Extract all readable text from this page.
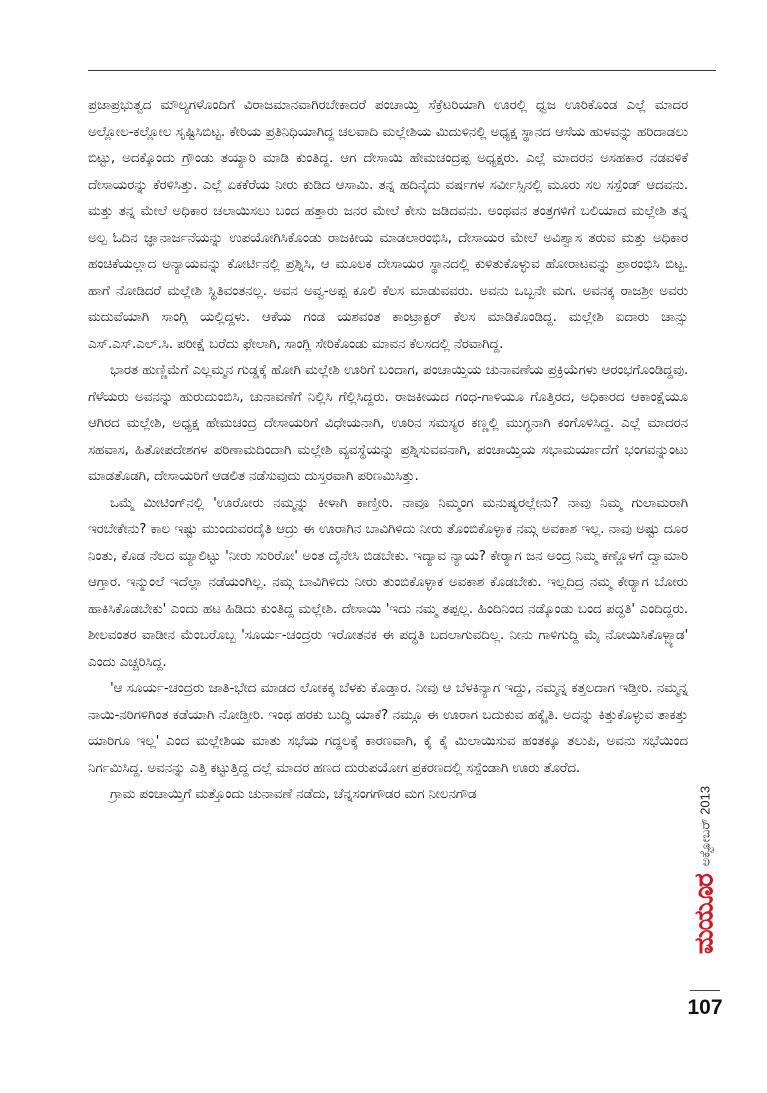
ಪ್ರಜಾಪ್ರಭುತ್ವದ ಮೌಲ್ಯಗಳೊಂದಿಗೆ ವಿರಾಜಮಾನವಾಗಿರಬೇಕಾದರೆ ಪಂಚಾಯ್ತಿ ಸೆಕ್ರೆಟರಿಯಾಗಿ ಊರಲ್ಲಿ ಧ್ವಜ ಊರಿಕೊಂಡ ಎಲ್ಲೆ ಮಾದರ ಅಲ್ಲೋಲ-ಕಲ್ಲೋಲ ಸೃಷ್ಟಿಸಿಬಿಟ್ಟ. ಕೇರಿಯ ಪ್ರತಿನಿಧಿಯಾಗಿದ್ದ ಚಲವಾದಿ ಮಲ್ಲೇಶಿಯ ಮಿದುಳಿನಲ್ಲಿ ಅಧ್ಯಕ್ಷ ಸ್ಥಾನದ ಆಸೆಯ ಹುಳವನ್ನು ಹರಿದಾಡಲು ಬಿಟ್ಟು, ಅದಕ್ಕೊಂದು ಗ್ರೌಂಡು ತಯ್ಯಾರಿ ಮಾಡಿ ಕುಂತಿದ್ದ. ಆಗ ದೇಸಾಯಿ ಹೇಮಚಂದ್ರಪ್ಪ ಅಧ್ಯಕ್ಷರು. ಎಲ್ಲೆ ಮಾದರನ ಅಸಹಕಾರ ನಡವಳಿಕೆ ದೇಸಾಯರನ್ನು ಕೆರಳಿಸಿತ್ತು. ಎಲ್ಲೆ ಏಕಕೆರೆಯ ನೀರು ಕುಡಿದ ಆಸಾಮಿ. ತನ್ನ ಹದಿನೈದು ವರ್ಷಗಳ ಸರ್ವೀಸ್ಸಿನಲ್ಲಿ ಮೂರು ಸಲ ಸಸ್ಪೆಂಡ್ ಆದವನು. ಮತ್ತು ತನ್ನ ಮೇಲೆ ಅಧಿಕಾರ ಚಲಾಯಿಸಲು ಬಂದ ಹತ್ತಾರು ಜನರ ಮೇಲೆ ಕೇಸು ಜಡಿದವನು. ಅಂಥವನ ತಂತ್ರಗಳಿಗೆ ಬಲಿಯಾದ ಮಲ್ಲೇಶಿ ತನ್ನ ಅಲ್ಪ ಓದಿನ ಜ್ಞಾನಾರ್ಜನೆಯನ್ನು ಉಪಯೋಗಿಸಿಕೊಂಡು ರಾಜಕೀಯ ಮಾಡಲಾರಂಭಿಸಿ, ದೇಸಾಯರ ಮೇಲೆ ಅವಿಶ್ವಾಸ ತರುವ ಮತ್ತು ಅಧಿಕಾರ ಹಂಚಿಕೆಯಲ್ಲಾದ ಅನ್ಯಾಯವನ್ನು ಕೋರ್ಟಿನಲ್ಲಿ ಪ್ರಶ್ನಿಸಿ, ಆ ಮೂಲಕ ದೇಸಾಯರ ಸ್ಥಾನದಲ್ಲಿ ಕುಳಿತುಕೊಳ್ಳುವ ಹೋರಾಟವನ್ನು ಪ್ರಾರಂಭಿಸಿ ಬಿಟ್ಟ. ಹಾಗೆ ನೋಡಿದರೆ ಮಲ್ಲೇಶಿ ಸ್ಥಿತಿವಂತನಲ್ಲ. ಅವನ ಅವ್ವ-ಅಪ್ಪ ಕೂಲಿ ಕೆಲಸ ಮಾಡುವವರು. ಅವನು ಒಬ್ಬನೇ ಮಗ. ಅವನಕ್ಕ ರಾಜಶ್ರೀ ಅವರು ಮದುವೆಯಾಗಿ ಸಾಂಗ್ಲಿ ಯಲ್ಲಿದ್ದಳು. ಆಕೆಯ ಗಂಡ ಯಶವಂತ ಕಾಂಟ್ರಾಕ್ಟರ್ ಕೆಲಸ ಮಾಡಿಕೊಂಡಿದ್ದ. ಮಲ್ಲೇಶಿ ಐದಾರು ಚಾನ್ಸು ಎಸ್.ಎಸ್.ಎಲ್.ಸಿ. ಪರೀಕ್ಷೆ ಬರೆದು ಫೇಲಾಗಿ, ಸಾಂಗ್ಲಿ ಸೇರಿಕೊಂಡು ಮಾವನ ಕೆಲಸದಲ್ಲಿ ನೆರವಾಗಿದ್ದ.

ಭಾರತ ಹುಣ್ಣಿಮೆಗೆ ಎಲ್ಲಮ್ಮನ ಗುಡ್ಡಕ್ಕೆ ಹೋಗಿ ಮಲ್ಲೇಶಿ ಊರಿಗೆ ಬಂದಾಗ, ಪಂಚಾಯ್ತಿಯ ಚುನಾವಣೆಯ ಪ್ರಕ್ರಿಯೆಗಳು ಆರಂಭಗೊಂಡಿದ್ದವು. ಗೆಳೆಯರು ಅವನನ್ನು ಹುರುದುಂಬಿಸಿ, ಚುನಾವಣೆಗೆ ನಿಲ್ಲಿಸಿ ಗೆಲ್ಲಿಸಿದ್ದರು. ರಾಜಕೀಯದ ಗಂಧ-ಗಾಳಿಯೂ ಗೊತ್ತಿರದ, ಅಧಿಕಾರದ ಆಕಾಂಕ್ಷೆಯೂ ಆಗಿರದ ಮಲ್ಲೇಶಿ, ಅಧ್ಯಕ್ಷ ಹೇಮಚಂದ್ರ ದೇಸಾಯರಿಗೆ ವಿಧೇಯನಾಗಿ, ಊರಿನ ಸಮಸ್ಯರ ಕಣ್ಣಲ್ಲಿ ಮುಗ್ಧನಾಗಿ ಕಂಗೊಳಿಸಿದ್ದ. ಎಲ್ಲೆ ಮಾದರನ ಸಹವಾಸ, ಹಿತೋಪದೇಶಗಳ ಪರಿಣಾಮದಿಂದಾಗಿ ಮಲ್ಲೇಶಿ ವ್ಯವಸ್ಥೆಯನ್ನು ಪ್ರಶ್ನಿಸುವವನಾಗಿ, ಪಂಚಾಯ್ತಿಯ ಸಭಾಮರ್ಯಾದೆಗೆ ಭಂಗವನ್ನುಂಟು ಮಾಡತೊಡಗಿ, ದೇಸಾಯರಿಗೆ ಆಡಲಿತ ನಡೆಸುವುದು ದುಸ್ತರವಾಗಿ ಪರಿಣಮಿಸಿತ್ತು.

ಒಮ್ಮೆ ಮೀಟಿಂಗ್‌ನಲ್ಲಿ 'ಊರೋರು ನಮ್ಮನ್ನು ಕೀಳಾಗಿ ಕಾಣ್ತೀರಿ. ನಾವೂ ನಿಮ್ಮಂಗ ಮನುಷ್ಯರಲ್ಲೇನು? ನಾವು ನಿಮ್ಮ ಗುಲಾಮರಾಗಿ ಇರಬೇಕೇನು? ಕಾಲ ಇಷ್ಟು ಮುಂದುವರದೈತಿ ಆದ್ರು ಈ ಊರಾಗಿನ ಬಾವಿಗಿಳಿದು ನೀರು ತೊಂಬಿಕೊಳ್ಳಾಕ ನಮ್ಗ ಅವಕಾಶ ಇಲ್ಲ. ನಾವು ಅಷ್ಟು ದೂರ ನಿಂತು, ಕೊಡ ನೆಲದ ಮ್ಯಾಲಿಟ್ಟು 'ನೀರು ಸುರಿರೋ' ಅಂತ ದೈನೇಸಿ ಬಿಡಬೇಕು. ಇದ್ಯಾವ ನ್ಯಾಯ? ಕೇರ್‍ಯಾಗ ಜನ ಅಂದ್ರ ನಿಮ್ಮ ಕಣ್ಣೊಳಗೆ ದ್ವಾಮಾರಿ ಆಗ್ತಾರ. ಇನ್ಮುಂಲೆ ಇದೆಲ್ಲಾ ನಡೆಯಂಗಿಲ್ಲ. ನಮ್ಗ ಬಾವಿಗಿಳಿದು ನೀರು ತುಂಬಿಕೊಳ್ಳಾಕ ಅವಕಾಶ ಕೊಡಬೇಕು. ಇಲ್ಲದಿದ್ರ ನಮ್ಮ ಕೇರ್‍ಯಾಗ ಬೋರು ಹಾಕಿಸಿಕೊಡಬೇಕು' ಎಂದು ಹಟ ಹಿಡಿದು ಕುಂತಿದ್ದ ಮಲ್ಲೇಶಿ. ದೇಸಾಯಿ 'ಇದು ನಮ್ಮ ತಪ್ಪಲ್ಲ. ಹಿಂದಿನಿಂದ ನಡ್ಕೊಂಡು ಬಂದ ಪದ್ಧತಿ' ಎಂದಿದ್ದರು. ಶೀಲವಂತರ ವಾಡೀನ ಮೆಂಬರೊಬ್ಬ 'ಸೂರ್ಯ-ಚಂದ್ರರು ಇರೋತನಕ ಈ ಪದ್ಧತಿ ಬದಲಾಗುವದಿಲ್ಲ. ನೀನು ಗಾಳಿಗುದ್ದಿ ಮೈ ನೋಯಿಸಿಕೊಳ್ಬ್ಯಾಡ' ಎಂದು ಎಚ್ಚರಿಸಿದ್ದ.

'ಆ ಸೂರ್ಯ-ಚಂದ್ರರು ಜಾತಿ-ಭೇದ ಮಾಡದ ಲೋಕಕ್ಕ ಬೆಳಕು ಕೊಡ್ತಾರ. ನೀವು ಆ ಬೆಳಕಿನ್ಯಾಗ ಇದ್ದು, ನಮ್ಮನ್ನ ಕತ್ತಲದಾಗ ಇಡ್ತೀರಿ. ನಮ್ಮನ್ನ ನಾಯಿ-ನರಿಗಳಿಗಿಂತ ಕಡೆಯಾಗಿ ನೋಡ್ತೀರಿ. ಇಂಥ ಹರಕು ಬುದ್ಧಿ ಯಾಕೆ? ನಮ್ಗೂ ಈ ಊರಾಗ ಬದುಕುವ ಹಕ್ಕೈತಿ. ಅದನ್ನು ಕಿತ್ತುಕೊಳ್ಳುವ ತಾಕತ್ತು ಯಾರಿಗೂ ಇಲ್ಲ' ಎಂದ ಮಲ್ಲೇಶಿಯ ಮಾತು ಸಭೆಯ ಗದ್ದಲಕ್ಕೆ ಕಾರಣವಾಗಿ, ಕೈ ಕೈ ಮಿಲಾಯಿಸುವ ಹಂತಕ್ಕೂ ತಲುಪಿ, ಅವನು ಸಭೆಯಿಂದ ನಿರ್ಗಮಿಸಿದ್ದ. ಅವನನ್ನು ಎತ್ತಿ ಕಟ್ಟುತ್ತಿದ್ದ ದಲ್ಲೆ ಮಾದರ ಹಣದ ದುರುಪಯೋಗ ಪ್ರಕರಣದಲ್ಲಿ ಸಸ್ಪೆಂಡಾಗಿ ಊರು ತೊರೆದ.

ಗ್ರಾಮ ಪಂಚಾಯ್ತಿಗೆ ಮತ್ತೊಂದು ಚುನಾವಣೆ ನಡೆದು, ಚೆನ್ನಸಂಗಗೌಡರ ಮಗ ನೀಲನಗೌಡ

ಮಯೂರ
ಅಕ್ಟೋಬರ್ 2013
107
